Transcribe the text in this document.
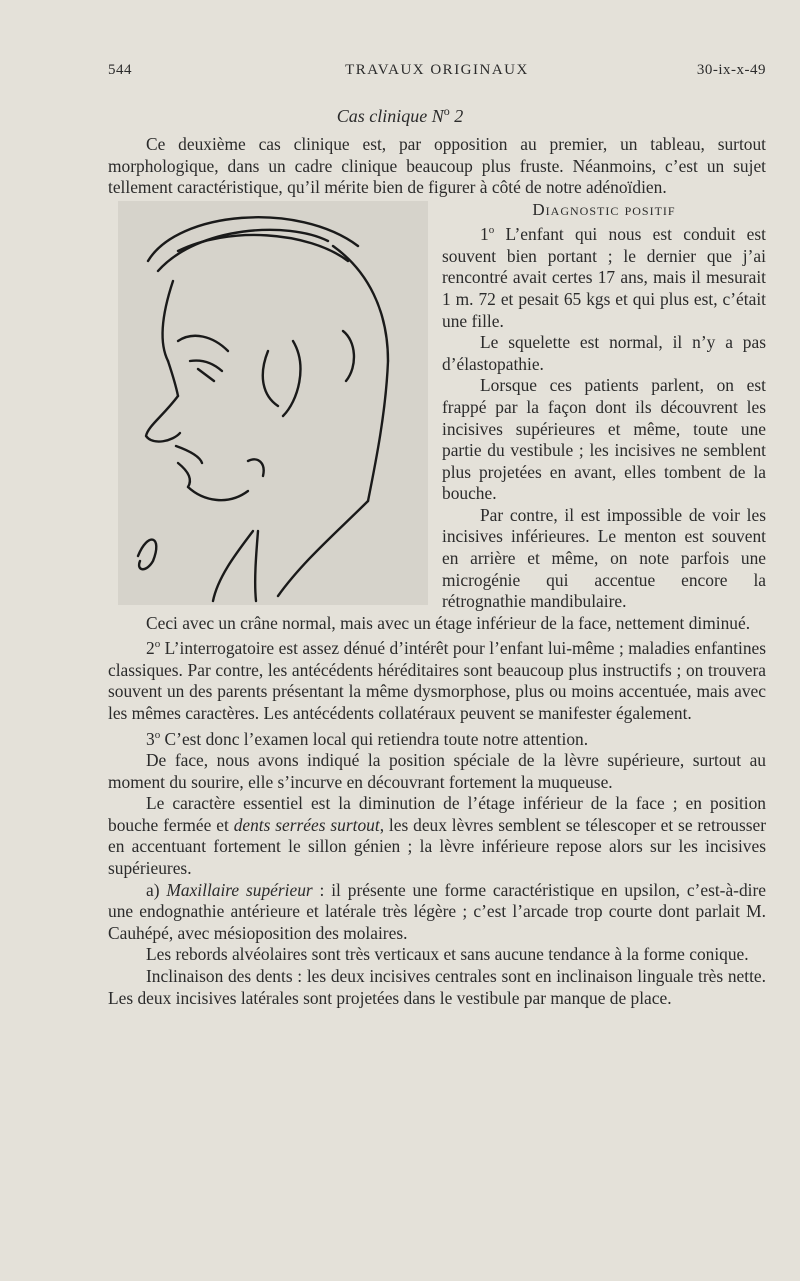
544	TRAVAUX ORIGINAUX	30-ix-x-49
Cas clinique $N^o$ 2

Ce deuxième cas clinique est, par opposition au premier, un tableau, surtout morphologique, dans un cadre clinique beaucoup plus fruste. Néanmoins, c’est un sujet tellement caractéristique, qu’il mérite bien de figurer à côté de notre adénoïdien.

Diagnostic positif

1$^o$ L’enfant qui nous est conduit est souvent bien portant ; le dernier que j’ai rencontré avait certes 17 ans, mais il mesurait 1 m. 72 et pesait 65 kgs et qui plus est, c’était une fille.

Le squelette est normal, il n’y a pas d’élastopathie.

Lorsque ces patients parlent, on est frappé par la façon dont ils découvrent les incisives supérieures et même, toute une partie du vestibule ; les incisives ne semblent plus projetées en avant, elles tombent de la bouche.

Par contre, il est impossible de voir les incisives inférieures. Le menton est souvent en arrière et même, on note parfois une microgénie qui accentue encore la rétrognathie mandibulaire.

Ceci avec un crâne normal, mais avec un étage inférieur de la face, nettement diminué.

2$^o$ L’interrogatoire est assez dénué d’intérêt pour l’enfant lui-même ; maladies enfantines classiques. Par contre, les antécédents héréditaires sont beaucoup plus instructifs ; on trouvera souvent un des parents présentant la même dysmorphose, plus ou moins accentuée, mais avec les mêmes caractères. Les antécédents collatéraux peuvent se manifester également.

3$^o$ C’est donc l’examen local qui retiendra toute notre attention.

De face, nous avons indiqué la position spéciale de la lèvre supérieure, surtout au moment du sourire, elle s’incurve en découvrant fortement la muqueuse.

Le caractère essentiel est la diminution de l’étage inférieur de la face ; en position bouche fermée et dents serrées surtout, les deux lèvres semblent se télescoper et se retrousser en accentuant fortement le sillon génien ; la lèvre inférieure repose alors sur les incisives supérieures.

a) Maxillaire supérieur : il présente une forme caractéristique en upsilon, c’est-à-dire une endognathie antérieure et latérale très légère ; c’est l’arcade trop courte dont parlait M. Cauhépé, avec mésioposition des molaires.

Les rebords alvéolaires sont très verticaux et sans aucune tendance à la forme conique.

Inclinaison des dents : les deux incisives centrales sont en inclinaison linguale très nette. Les deux incisives latérales sont projetées dans le vestibule par manque de place.
